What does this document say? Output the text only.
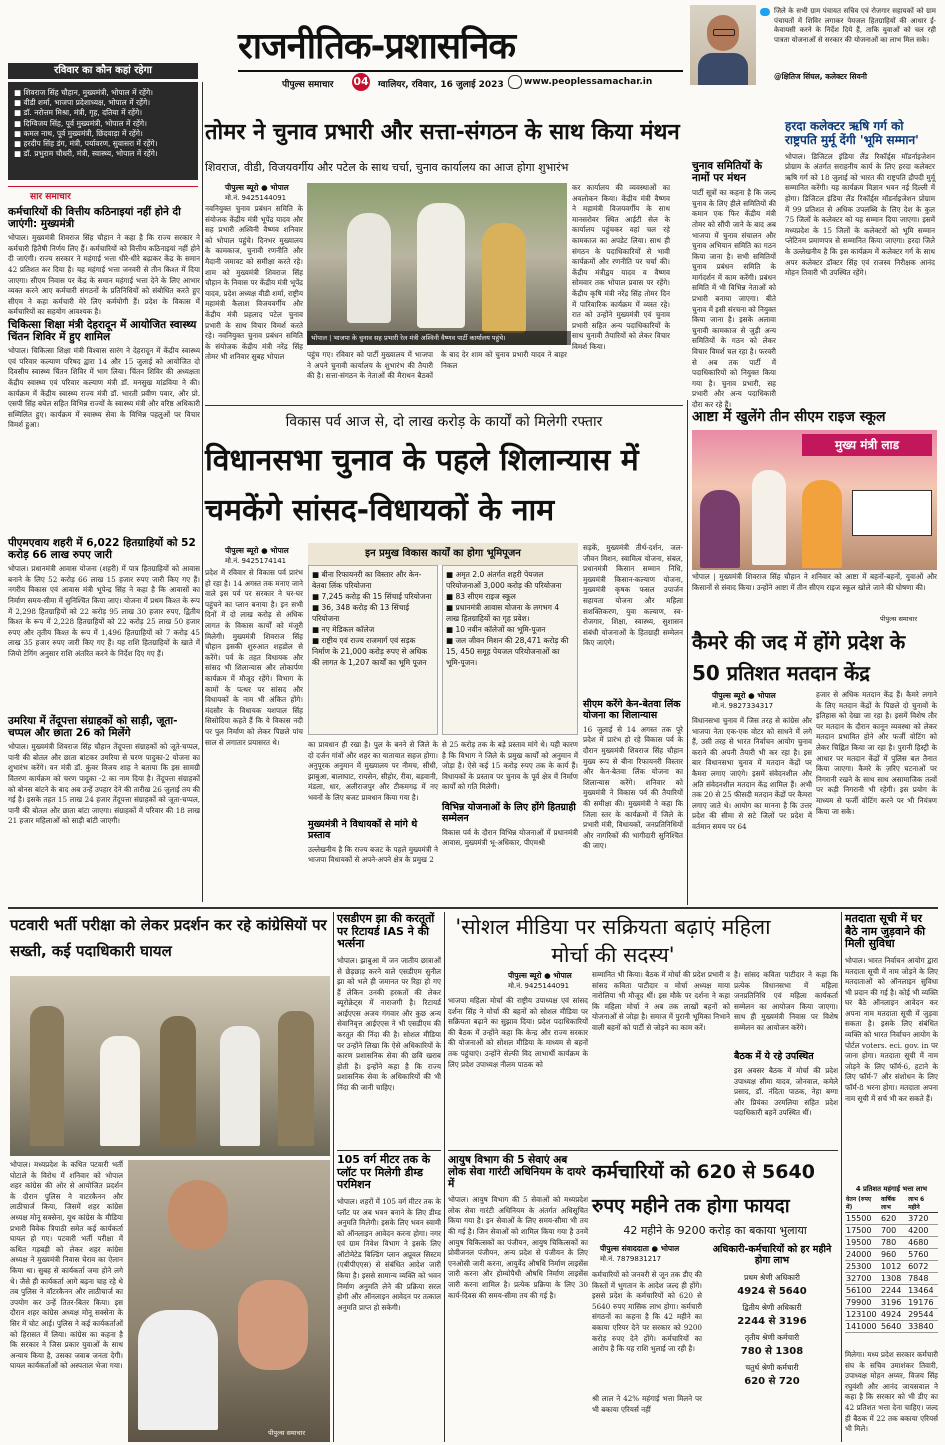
रविवार का कौन कहां रहेगा
राजनीतिक-प्रशासनिक
पीपुल्स समाचार 04 ग्वालियर, रविवार, 16 जुलाई 2023 www.peoplessamachar.in
जिले के सभी ग्राम पंचायत सचिव एवं रोजगार सहायकों को ग्राम पंचायतों में शिविर लगाकर पेयजल हितग्राहियों की आधार ई-केवायसी करने के निर्देश दिये हैं, ताकि युवाओं को चल रही पात्रता योजनाओं से सरकार की योजनाओं का लाभ मिल सके।
@क्षितिज सिंघल, कलेक्टर सिवनी
■ शिवराज सिंह चौहान, मुख्यमंत्री, भोपाल में रहेंगे।
■ वीडी शर्मा, भाजपा प्रदेशाध्यक्ष, भोपाल में रहेंगे।
■ डॉ. नरोत्तम मिश्रा, मंत्री, गृह, दतिया में रहेंगे।
■ दिग्विजय सिंह, पूर्व मुख्यमंत्री, भोपाल में रहेंगे।
■ कमल नाथ, पूर्व मुख्यमंत्री, छिंदवाड़ा में रहेंगे।
■ हरदीप सिंह डंग, मंत्री, पर्यावरण, सुवासरा में रहेंगे।
■ डॉ. प्रभुराम चौधरी, मंत्री, स्वास्थ्य, भोपाल में रहेंगे।
सार समाचार
कर्मचारियों की वित्तीय कठिनाइयां नहीं होने दी जाएंगी: मुख्यमंत्री
भोपाल। मुख्यमंत्री शिवराज सिंह चौहान ने कहा है कि राज्य सरकार ने कर्मचारी हितैषी निर्णय लिए हैं। कर्मचारियों को वित्तीय कठिनाइयां नहीं होने दी जाएंगी। राज्य सरकार ने महंगाई भत्ता धीरे-धीरे बढ़ाकर केंद्र के समान 42 प्रतिशत कर दिया है। यह महंगाई भत्ता जनवरी से तीन किश्त में दिया जाएगा। सीएम निवास पर केंद्र के समान महंगाई भत्ता देने के लिए आभार व्यक्त करने आए कर्मचारी संगठनों के प्रतिनिधियों को संबोधित करते हुए सीएम ने कहा कर्मचारी मेरे लिए कर्मयोगी हैं। प्रदेश के विकास में कर्मचारियों का सहयोग आवश्यक है।
चिकित्सा शिक्षा मंत्री देहरादून में आयोजित स्वास्थ्य चिंतन शिविर में हुए शामिल
भोपाल। चिकित्सा शिक्षा मंत्री विश्वास सारंग ने देहरादून में केंद्रीय स्वास्थ्य एवं परिवार कल्याण परिषद द्वारा 14 और 15 जुलाई को आयोजित दो दिवसीय स्वास्थ्य चिंतन शिविर में भाग लिया। चिंतन शिविर की अध्यक्षता केंद्रीय स्वास्थ्य एवं परिवार कल्याण मंत्री डॉ. मनसुख मांडविया ने की। कार्यक्रम में केंद्रीय स्वास्थ्य राज्य मंत्री डॉ. भारती प्रवीण पवार, और प्रो. एसपी सिंह बघेल सहित विभिन्न राज्यों के स्वास्थ्य मंत्री और वरिष्ठ अधिकारी सम्मिलित हुए। कार्यक्रम में स्वास्थ्य सेवा के विभिन्न पहलुओं पर विचार विमर्श हुआ।
पीएमएवाय शहरी में 6,022 हितग्राहियों को 52 करोड़ 66 लाख रुपए जारी
भोपाल। प्रधानमंत्री आवास योजना (शहरी) में पात्र हितग्राहियों को आवास बनाने के लिए 52 करोड़ 66 लाख 15 हजार रुपए जारी किए गए हैं। नगरीय विकास एवं आवास मंत्री भूपेन्द्र सिंह ने कहा है कि आवासों का निर्माण समय-सीमा में सुनिश्चित किया जाए। योजना में प्रथम किश्त के रूप में 2,298 हितग्राहियों को 22 करोड़ 95 लाख 30 हजार रुपए, द्वितीय किश्त के रूप में 2,228 हितग्राहियों को 22 करोड़ 25 लाख 50 हजार रुपए और तृतीय किश्त के रूप में 1,496 हितग्राहियों को 7 करोड़ 45 लाख 35 हजार रुपए जारी किए गए हैं। यह राशि हितग्राहियों के खाते में जियो टेगिंग अनुसार राशि अंतरित करने के निर्देश दिए गए हैं।
उमरिया में तेंदूपत्ता संग्राहकों को साड़ी, जूता- चप्पल और छाता 26 को मिलेंगे
भोपाल। मुख्यमंत्री शिवराज सिंह चौहान तेंदूपत्ता संग्राहकों को जूते-चप्पल, पानी की बोतल और छाता बांटकर उमरिया से चरण पादुका-2 योजना का शुभारंभ करेंगे। वन मंत्री डॉ. कुंवर विजय शाह ने बताया कि इस सामग्री वितरण कार्यक्रम को चरण पादुका -2 का नाम दिया है। तेंदूपत्ता संग्राहकों को बोनस बांटने के बाद अब उन्हें उपहार देने की तारीख 26 जुलाई तय की गई है। इसके तहत 15 लाख 24 हजार तेंदूपत्ता संग्राहकों को जूता-चप्पल, पानी की बोतल और छाता बांटा जाएगा। संग्राहकों में परिवार की 18 लाख 21 हजार महिलाओं को साड़ी बांटी जाएगी।
तोमर ने चुनाव प्रभारी और सत्ता-संगठन के साथ किया मंथन
शिवराज, वीडी, विजयवर्गीय और पटेल के साथ चर्चा, चुनाव कार्यालय का आज होगा शुभारंभ
पीपुल्स ब्यूरो ● भोपाल
मो.नं. 9425144091
भोपाल | भाजपा के चुनाव सह प्रभारी रेल मंत्री अश्विनी वैष्णव पार्टी कार्यालय पहुंचे।
नवनियुक्त चुनाव प्रबंधन समिति के संयोजक केंद्रीय मंत्री भूपेंद्र यादव और सह प्रभारी अश्विनी वैष्णव शनिवार को भोपाल पहुंचे। दिनभर मुख्यालय के कामकाज, चुनावी रणनीति और मैदानी जमावट को समीक्षा करते रहे। शाम को मुख्यमंत्री शिवराज सिंह चौहान के निवास पर केंद्रीय मंत्री भूपेंद्र यादव, प्रदेश अध्यक्ष वीडी शर्मा, राष्ट्रीय महामंत्री कैलाश विजयवर्गीय और केंद्रीय मंत्री प्रहलाद पटेल चुनाव प्रभारी के साथ विचार विमर्श करते रहे। नवनियुक्त चुनाव प्रबंधन समिति के संयोजक केंद्रीय मंत्री नरेंद्र सिंह तोमर भी शनिवार सुबह भोपाल	पहुंच गए। रविवार को पार्टी मुख्यालय में भाजपा ने अपने चुनावी कार्यालय के शुभारंभ की तैयारी की है। सत्ता-संगठन के नेताओं की मैराथन बैठकों के बाद देर शाम को चुनाव प्रभारी यादव ने बाहर निकल
कर कार्यालय की व्यवस्थाओं का अवलोकन किया। केंद्रीय मंत्री वैष्णव ने महामंत्री विजयवर्गीय के साथ मानसरोवर स्थित आईटी सेल के कार्यालय पहुंचकर वहां चल रहे कामकाज का अपडेट लिया। साथ ही संगठन के पदाधिकारियों से भावी कार्यक्रमों और रणनीति पर चर्चा की। केंद्रीय मंत्रीद्वय यादव व वैष्णव सोमवार तक भोपाल प्रवास पर रहेंगे। केंद्रीय कृषि मंत्री नरेंद्र सिंह तोमर दिन में पारिवारिक कार्यक्रम में व्यस्त रहे। रात को उन्होंने मुख्यमंत्री एवं चुनाव प्रभारी सहित अन्य पदाधिकारियों के साथ चुनावी तैयारियों को लेकर विचार विमर्श किया।
चुनाव समितियों के नामों पर मंथन
पार्टी सूत्रों का कहना है कि जल्द चुनाव के लिए हीले समितियों की कमान एक फिर केंद्रीय मंत्री तोमर को सौंपी जाने के बाद अब भाजपा में चुनाव संचालन और चुनाव अभियान समिति का गठन किया जाना है। सभी समितियों चुनाव प्रबंधन समिति के मार्गदर्शन में काम करेंगी। प्रबंधन समिति में भी विभिन्न नेताओं को प्रभारी बनाया जाएगा। बीते चुनाव में इसी संरचना को नियुक्त किया जाना है। इसके अलावा चुनावी कामकाज से जुड़ी अन्य समितियों के गठन को लेकर विचार विमर्श चल रहा है। फरवरी से अब तक पार्टी में पदाधिकारियों को नियुक्त किया गया है। चुनाव प्रभारी, सह प्रभारी और अन्य पदाधिकारी दौरा कर रहे हैं।
हरदा कलेक्टर ऋषि गर्ग को राष्ट्रपति मुर्मू देंगी 'भूमि सम्मान'
भोपाल। डिजिटल इंडिया लैंड रिकॉर्ड्स मॉडर्नाइजेशन प्रोग्राम के अंतर्गत सराहनीय कार्य के लिए हरदा कलेक्टर ऋषि गर्ग को 18 जुलाई को भारत की राष्ट्रपति द्रौपदी मुर्मू सम्मानित करेंगी। यह कार्यक्रम विज्ञान भवन नई दिल्ली में होगा। डिजिटल इंडिया लैंड रिकॉर्ड्स मॉडर्नाइजेशन प्रोग्राम में 99 प्रतिशत से अधिक उपलब्धि के लिए देश के कुल 75 जिलों के कलेक्टर को यह सम्मान दिया जाएगा। इसमें मध्यप्रदेश के 15 जिलों के कलेक्टरों को भूमि सम्मान प्लेटिनम प्रमाणपत्र से सम्मानित किया जाएगा। हरदा जिले के उल्लेखनीय है कि इस कार्यक्रम में कलेक्टर गर्ग के साथ अपर कलेक्टर डॉक्टर सिंह एवं राजस्व निरीक्षक आनंद मोहन तिवारी भी उपस्थित रहेंगे।
विकास पर्व आज से, दो लाख करोड़ के कार्यों को मिलेगी रफ्तार
विधानसभा चुनाव के पहले शिलान्यास में चमकेंगे सांसद-विधायकों के नाम
पीपुल्स ब्यूरो ● भोपाल
मो.नं. 9425174141
इन प्रमुख विकास कार्यों का होगा भूमिपूजन
■ बीना रिफायनरी का विस्तार और केन-बेतवा लिंक परियोजना
■ 7,245 करोड़ की 15 सिंचाई परियोजना
■ 36, 348 करोड़ की 13 सिंचाई परियोजना
■ नए मेडिकल कॉलेज
■ राष्ट्रीय एवं राज्य राजमार्ग एवं सड़क निर्माण के 21,000 करोड़ रुपए से अधिक की लागत के 1,207 कार्यों का भूमि पूजन
■ अमृत 2.0 अंतर्गत शहरी पेयजल परियोजनाओं 3,000 करोड़ की परियोजना
■ 83 सीएम राइज स्कूल
■ प्रधानमंत्री आवास योजना के लगभग 4 लाख हितग्राहियों का गृह प्रवेश।
■ 10 नवीन कॉलेजों का भूमि-पूजन
■ जल जीवन मिशन की 28,471 करोड़ की 15, 450 समूह पेयजल परियोजनाओं का भूमि-पूजन।
प्रदेश में रविवार से विकास पर्व प्रारंभ हो रहा है। 14 अगस्त तक मनाए जाने वाले इस पर्व पर सरकार ने घर-घर पहुंचने का प्लान बनाया है। इन सभी दिनों में दो लाख करोड़ से अधिक लागत के विकास कार्यों को मंजूरी मिलेगी। मुख्यमंत्री शिवराज सिंह चौहान इसकी शुरुआत शहडोल से करेंगे। पर्व के तहत विधायक और सांसद भी शिलान्यास और लोकार्पण कार्यक्रम में मौजूद रहेंगे। विभाग के कामों के पत्थर पर सांसद और विधायकों के नाम भी अंकित होंगे। मंदसौर के विधायक यशपाल सिंह सिसोदिया कहते हैं कि ये विकास नदी पर पुल निर्माण को लेकर पिछले पांच साल से लगातार प्रयासरत थे।	का प्रावधान ही रखा है। पुल के बनने से जिले के दो दर्जन गांवों और शहर का यातायात सहज होगा। अनुपूरक अनुमान में मुख्यालय पर नीमच, सीधी, झाबुआ, बालाघाट, रायसेन, सीहोर, रीवा, बड़वानी, मंडला, धार, अलीराजपुर और टीकमगढ़ में नए भवनों के लिए बजट प्रावधान किया गया है।
से 25 करोड़ तक के बड़े प्रस्ताव मांगे थे। यही कारण है कि विभाग ने जिले के प्रमुख कार्यों को अनुमान में जोड़ा है। ऐसे कई 15 करोड़ रुपए तक के कार्य हैं। विधायकों के प्रस्ताव पर चुनाव के पूर्व क्षेत्र में निर्माण कार्यों को गति मिलेगी।
मुख्यमंत्री ने विधायकों से मांगे थे प्रस्ताव
उल्लेखनीय है कि राज्य बजट के पहले मुख्यमंत्री ने भाजपा विधायकों से अपने-अपने क्षेत्र के प्रमुख 2
विभिन्न योजनाओं के लिए होंगे हितग्राही सम्मेलन
विकास पर्व के दौरान विभिन्न योजनाओं में प्रधानमंत्री आवास, मुख्यमंत्री भू-अधिकार, पीएमश्री
सड़कें, मुख्यमंत्री तीर्थ-दर्शन, जल-जीवन मिशन, स्वामित्व योजना, संबल, प्रधानमंत्री किसान सम्मान निधि, मुख्यमंत्री किसान-कल्याण योजना, मुख्यमंत्री कृषक फसल उपार्जन सहायता योजना और महिला सशक्तिकरण, युवा कल्याण, स्व-रोजगार, शिक्षा, स्वास्थ्य, सुशासन संबंधी योजनाओं के हितग्राही सम्मेलन किए जाएंगे।
सीएम करेंगे केन-बेतवा लिंक योजना का शिलान्यास
16 जुलाई से 14 अगस्त तक पूरे प्रदेश में प्रारंभ हो रहे विकास पर्व के दौरान मुख्यमंत्री शिवराज सिंह चौहान मुख्य रूप से बीना रिफायनरी विस्तार और केन-बेतवा लिंक योजना का शिलान्यास करेंगे। शनिवार को मुख्यमंत्री ने विकास पर्व की तैयारियों की समीक्षा की। मुख्यमंत्री ने कहा कि जिला स्तर के कार्यक्रमों में जिले के प्रभारी मंत्री, विधायकों, जनप्रतिनिधियों और नागरिकों की भागीदारी सुनिश्चित की जाए।
आष्टा में खुलेंगे तीन सीएम राइज स्कूल
मुख्य मंत्री लाड
भोपाल | मुख्यमंत्री शिवराज सिंह चौहान ने शनिवार को आष्टा में बहनों-बहनों, युवाओं और किसानों से संवाद किया। उन्होंने आष्टा में तीन सीएम राइज स्कूल खोले जाने की घोषणा की।
पीपुल्स समाचार
कैमरे की जद में होंगे प्रदेश के 50 प्रतिशत मतदान केंद्र
पीपुल्स ब्यूरो ● भोपाल
मो.नं. 9827334317
विधानसभा चुनाव में जिस तरह से कांग्रेस और भाजपा नेता एक-एक वोटर को साधने में लगे हैं, उसी तरह से भारत निर्वाचन आयोग चुनाव कराने की अपनी तैयारी भी कर रहा है। इस बार विधानसभा चुनाव में मतदान केंद्रों पर कैमरा लगाए जाएंगे। इसमें संवेदनशील और अति संवेदनशील मतदान केंद्र शामिल हैं। अभी तक 20 से 25 फीसदी मतदान केंद्रों पर कैमरा लगाए जाते थे। आयोग का मानना है कि उत्तर प्रदेश की सीमा से सटे जिलों पर प्रदेश में वर्तमान समय पर 64
हजार से अधिक मतदान केंद्र हैं। कैमरे लगाने के लिए मतदान केंद्रों के पिछले दो चुनावों के इतिहास को देखा जा रहा है। इसमें विशेष तौर पर मतदान के दौरान कानून व्यवस्था को लेकर मतदान प्रभावित होने और फर्जी वोटिंग को लेकर चिह्नित किया जा रहा है। पुरानी हिस्ट्री के आधार पर मतदान केंद्रों में पुलिस बल तैनात किया जाएगा। कैमरे के ज़रिए घटनाओं पर निगरानी रखने के साथ साथ असामाजिक तत्वों पर कड़ी निगरानी भी रहेगी। इस प्रयोग के माध्यम से फर्जी वोटिंग करने पर भी नियंत्रण किया जा सके।
पटवारी भर्ती परीक्षा को लेकर प्रदर्शन कर रहे कांग्रेसियों पर सख्ती, कई पदाधिकारी घायल
पीपुल्स समाचार
भोपाल। मध्यप्रदेश के कथित पटवारी भर्ती घोटाले के विरोध में शनिवार को भोपाल शहर कांग्रेस की ओर से आयोजित प्रदर्शन के दौरान पुलिस ने वाटरकैनन और लाठीचार्ज किया, जिसमें शहर कांग्रेस अध्यक्ष मोनू सक्सेना, यूथ कांग्रेस के मीडिया प्रभारी विवेक त्रिपाठी समेत कई कार्यकर्ता घायल हो गए। पटवारी भर्ती परीक्षा में कथित गड़बड़ी को लेकर शहर कांग्रेस अध्यक्ष ने मुख्यमंत्री निवास घेराव का ऐलान किया था। सुबह से कार्यकर्ता जमा होने लगे थे। जैसे ही कार्यकर्ता आगे बढ़ना चाह रहे थे तब पुलिस ने वॉटरकैनन और लाठीचार्ज का उपयोग कर उन्हें तितर-बितर किया। इस दौरान शहर कांग्रेस अध्यक्ष मोनू सक्सेना के सिर में चोट आई। पुलिस ने कई कार्यकर्ताओं को हिरासत में लिया। कांग्रेस का कहना है कि सरकार ने जिस प्रकार युवाओं के साथ अन्याय किया है, उसका जवाब जनता देगी। घायल कार्यकर्ताओं को अस्पताल भेजा गया।
एसडीएम झा की करतूतों पर रिटायर्ड IAS ने की भर्त्सना
भोपाल। झाबुआ में जन जातीय छात्राओं से छेड़छाड़ करने वाले एसडीएम सुनील झा को भले ही जमानत पर रिहा हो गए हैं लेकिन उनकी हरकतों की लेकर ब्यूरोक्रेट्स में नाराजगी है। रिटायर्ड आईएएस अजय गंगवार और कुछ अन्य सेवानिवृत्त आईएएस ने भी एसडीएम की करतूत की निंदा की है। सोशल मीडिया पर उन्होंने लिखा कि ऐसे अधिकारियों के कारण प्रशासनिक सेवा की छवि खराब होती है। इन्होंने कहा है कि राज्य प्रशासनिक सेवा के अधिकारियों की भी निंदा की जानी चाहिए।
105 वर्ग मीटर तक के प्लॉट पर मिलेगी डीम्ड परमिशन
भोपाल। शहरों में 105 वर्ग मीटर तक के प्लॉट पर अब भवन बनाने के लिए डीम्ड अनुमति मिलेगी। इसके लिए भवन स्वामी को ऑनलाइन आवेदन करना होगा। नगर एवं ग्राम निवेश विभाग ने इसके लिए ऑटोमेटेड बिल्डिंग प्लान अप्रूवल सिस्टम (एबीपीएएस) से संबंधित आदेश जारी किया है। इससे सामान्य व्यक्ति को भवन निर्माण अनुमति लेने की प्रक्रिया सरल होगी और ऑनलाइन आवेदन पर तत्काल अनुमति प्राप्त हो सकेगी।
'सोशल मीडिया पर सक्रियता बढ़ाएं महिला मोर्चा की सदस्य'
पीपुल्स ब्यूरो ● भोपाल
मो.नं. 9425144091
भाजपा महिला मोर्चा की राष्ट्रीय उपाध्यक्ष एवं सांसद दर्शना सिंह ने मोर्चा की बहनों को सोशल मीडिया पर सक्रियता बढ़ाने का सुझाव दिया। प्रदेश पदाधिकारियों की बैठक में उन्होंने कहा कि केन्द्र और राज्य सरकार की योजनाओं को सोशल मीडिया के माध्यम से बहनों तक पहुंचाएं। उन्होंने सेल्फी विद लाभार्थी कार्यक्रम के लिए प्रदेश उपाध्यक्ष नीलम पाठक को
सम्मानित भी किया। बैठक में मोर्चा की प्रदेश प्रभारी व सांसद कविता पाटीदार व मोर्चा अध्यक्ष माया नारोलिया भी मौजूद थीं। इस मौके पर दर्शना ने कहा कि महिला मोर्चा ने अब तक लाखों बहनों को योजनाओं से जोड़ा है। समाज में पुरानी भूमिका निभाने वाली बहनों को पार्टी से जोड़ने का काम करें।
है। सांसद कविता पाटीदार ने कहा कि प्रत्येक विधानसभा में महिला जनप्रतिनिधि एवं महिला कार्यकर्ता सम्मेलन का आयोजन किया जाएगा। साथ ही मुख्यमंत्री निवास पर विशेष सम्मेलन का आयोजन करेंगे।
बैठक में ये रहे उपस्थित
इस अवसर बैठक में मोर्चा की प्रदेश उपाध्यक्ष सीमा यादव, जोनवाल, कमेले प्रसाद, डॉ. नंदिता पाठक, नेहा बग्गा और प्रियंका उरमलिया सहित प्रदेश पदाधिकारी बहनें उपस्थित थीं।
आयुष विभाग की 5 सेवाएं अब लोक सेवा गारंटी अधिनियम के दायरे में
भोपाल। आयुष विभाग की 5 सेवाओं को मध्यप्रदेश लोक सेवा गारंटी अधिनियम के अंतर्गत अधिसूचित किया गया है। इन सेवाओं के लिए समय-सीमा भी तय की गई है। जिन सेवाओं को शामिल किया गया है उनमें आयुष चिकित्सकों का पंजीयन, आयुष चिकित्सकों का प्रोवीजनल पंजीयन, अन्य प्रदेश से पंजीयन के लिए एनओसी जारी करना, आयुर्वेद औषधि निर्माण लाइसेंस जारी करना और होम्योपैथी औषधि निर्माण लाइसेंस जारी करना शामिल है। प्रत्येक प्रक्रिया के लिए 30 कार्य-दिवस की समय-सीमा तय की गई है।
कर्मचारियों को 620 से 5640 रुपए महीने तक होगा फायदा
42 महीने के 9200 करोड़ का बकाया भुलाया
पीपुल्स संवाददाता ● भोपाल
मो.नं. 7879831217
कर्मचारियों को जनवरी से जून तक डीए की किस्तों में भुगतान के आदेश जल्द ही होंगे। इससे प्रदेश के कर्मचारियों को 620 से 5640 रुपए मासिक लाभ होगा। कर्मचारी संगठनों का कहना है कि 42 महीने का बकाया एरियर देने पर सरकार को 9200 करोड़ रुपए देने होंगे। कर्मचारियों का आरोप है कि यह राशि भुलाई जा रही है।
श्री लाल ने 42% महंगाई भत्ता मिलने पर भी बकाया एरियर्स नहीं
अधिकारी-कर्मचारियों को हर महीने होगा लाभ
प्रथम श्रेणी अधिकारी
4924 से 5640
द्वितीय श्रेणी अधिकारी
2244 से 3196
तृतीय श्रेणी कर्मचारी
780 से 1308
चतुर्थ श्रेणी कर्मचारी
620 से 720
मतदाता सूची में घर बैठे नाम जुड़वाने की मिली सुविधा
भोपाल। भारत निर्वाचन आयोग द्वारा मतदाता सूची में नाम जोड़ने के लिए मतदाताओं को ऑनलाइन सुविधा भी प्रदान की गई है। कोई भी व्यक्ति घर बैठे ऑनलाइन आवेदन कर अपना नाम मतदाता सूची में जुड़वा सकता है। इसके लिए संबंधित व्यक्ति को भारत निर्वाचन आयोग के पोर्टल voters. eci. gov. in पर जाना होगा। मतदाता सूची में नाम जोड़ने के लिए फॉर्म-6, हटाने के लिए फॉर्म-7 और संशोधन के लिए फॉर्म-8 भरना होगा। मतदाता अपना नाम सूची में सर्च भी कर सकते हैं।
4 प्रतिशत महंगाई भत्ता लाभ
वेतन (रुपए में)	वार्षिक लाभ	लाभ 6 महीने
15500	620	3720
17500	700	4200
19500	780	4680
24000	960	5760
25300	1012	6072
32700	1308	7848
56100	2244	13464
79900	3196	19176
123100	4924	29544
141000	5640	33840
मिलेगा। मध्य प्रदेश सरकार कर्मचारी संघ के सचिव उमाशंकर तिवारी, उपाध्यक्ष मोहन अय्यर, विजय सिंह रघुवंशी और आनंद जायसवाल ने कहा है कि सरकार को भी डीए का 42 प्रतिशत भत्ता देना चाहिए। जल्द ही बैठक में 22 तक बकाया एरियर्स भी मिले।
